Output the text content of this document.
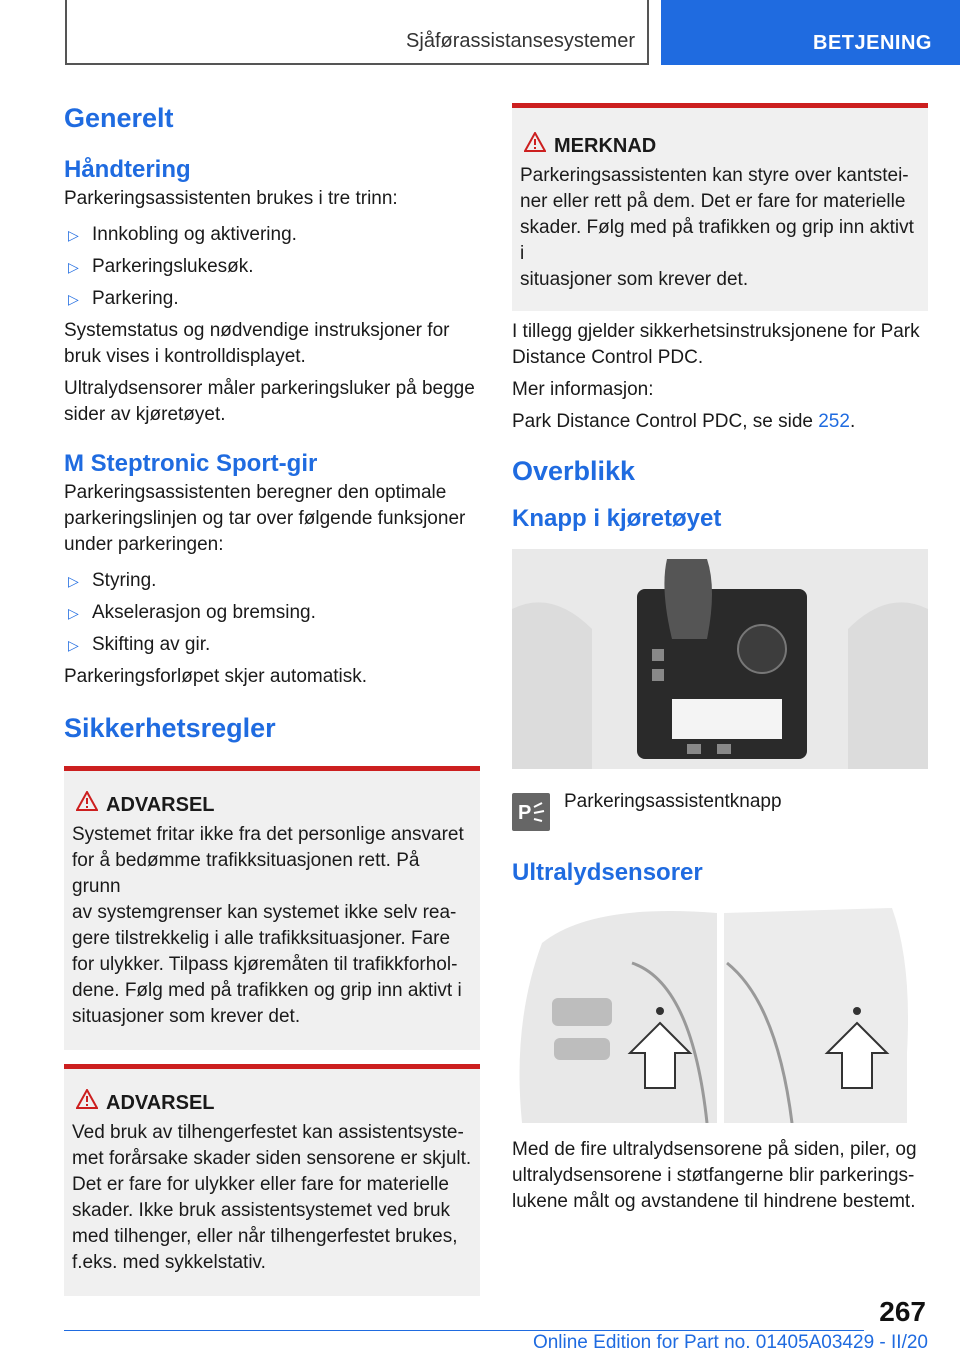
Sjåførassistansesystemer	BETJENING
Generelt
Håndtering

Parkeringsassistenten brukes i tre trinn:

▷ Innkobling og aktivering.
▷ Parkeringslukesøk.
▷ Parkering.

Systemstatus og nødvendige instruksjoner for
bruk vises i kontrolldisplayet.

Ultralydsensorer måler parkeringsluker på begge
sider av kjøretøyet.

M Steptronic Sport-gir

Parkeringsassistenten beregner den optimale
parkeringslinjen og tar over følgende funksjoner
under parkeringen:

▷ Styring.
▷ Akselerasjon og bremsing.
▷ Skifting av gir.

Parkeringsforløpet skjer automatisk.

Sikkerhetsregler
ADVARSEL

Systemet fritar ikke fra det personlige ansvaret
for å bedømme trafikksituasjonen rett. På grunn
av systemgrenser kan systemet ikke selv rea-
gere tilstrekkelig i alle trafikksituasjoner. Fare
for ulykker. Tilpass kjøremåten til trafikkforhol-
dene. Følg med på trafikken og grip inn aktivt i
situasjoner som krever det.

ADVARSEL

Ved bruk av tilhengerfestet kan assistentsyste-
met forårsake skader siden sensorene er skjult.
Det er fare for ulykker eller fare for materielle
skader. Ikke bruk assistentsystemet ved bruk
med tilhenger, eller når tilhengerfestet brukes,
f.eks. med sykkelstativ.

MERKNAD

Parkeringsassistenten kan styre over kantstei-
ner eller rett på dem. Det er fare for materielle
skader. Følg med på trafikken og grip inn aktivt i
situasjoner som krever det.

I tillegg gjelder sikkerhetsinstruksjonene for Park
Distance Control PDC.

Mer informasjon:

Park Distance Control PDC, se side 252.

Overblikk
Knapp i kjøretøyet
P

Parkeringsassistentknapp

Ultralydsensorer

Med de fire ultralydsensorene på siden, piler, og
ultralydsensorene i støtfangerne blir parkerings-
lukene målt og avstandene til hindrene bestemt.

267
Online Edition for Part no. 01405A03429 - II/20
